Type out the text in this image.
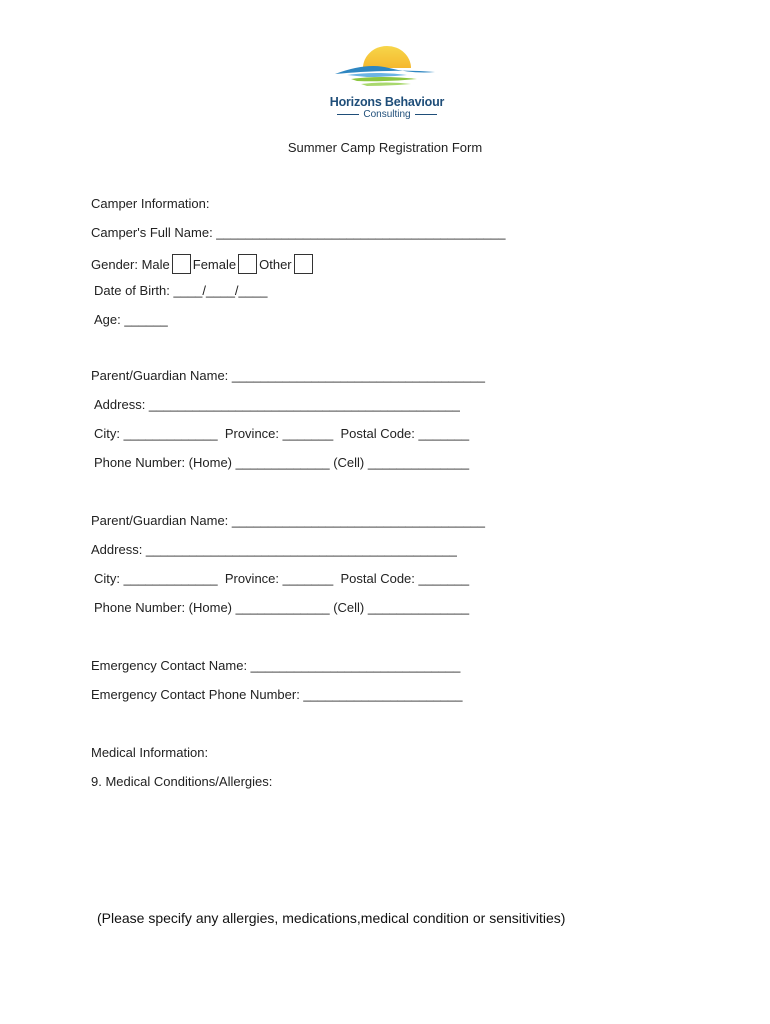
Horizons Behaviour
Consulting
Summer Camp Registration Form
Camper Information:
Camper's Full Name: ________________________________________
Gender: Male Female Other
Date of Birth: ____/____/____
Age: ______
Parent/Guardian Name: ___________________________________
Address: ___________________________________________
City: _____________  Province: _______  Postal Code: _______
Phone Number: (Home) _____________ (Cell) ______________
Parent/Guardian Name: ___________________________________
Address: ___________________________________________
City: _____________  Province: _______  Postal Code: _______
Phone Number: (Home) _____________ (Cell) ______________
Emergency Contact Name: _____________________________
Emergency Contact Phone Number: ______________________
Medical Information:
9. Medical Conditions/Allergies:
(Please specify any allergies, medications,medical condition or sensitivities)
